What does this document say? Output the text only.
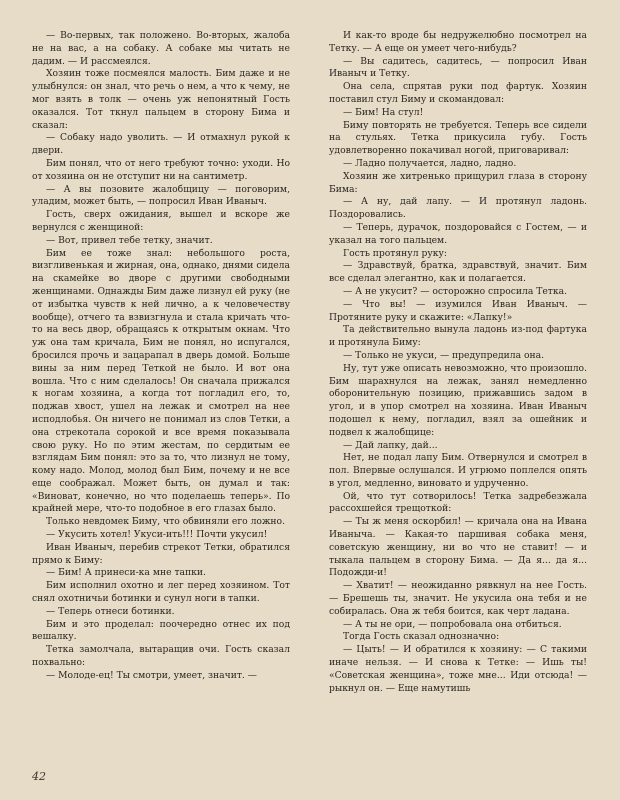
— Во-первых, так положено. Во-вторых, жалоба не на вас, а на собаку. А собаке мы читать не дадим. — И рассмеялся.

Хозяин тоже посмеялся малость. Бим даже и не улыбнулся: он знал, что речь о нем, а что к чему, не мог взять в толк — очень уж непонятный Гость оказался. Тот ткнул пальцем в сторону Бима и сказал:

— Собаку надо уволить. — И отмахнул рукой к двери.

Бим понял, что от него требуют точно: уходи. Но от хозяина он не отступит ни на сантиметр.

— А вы позовите жалобщицу — поговорим, уладим, может быть, — попросил Иван Иваныч.

Гость, сверх ожидания, вышел и вскоре же вернулся с женщиной:

— Вот, привел тебе тетку, значит.

Бим ее тоже знал: небольшого роста, визгливенькая и жирная, она, однако, днями сидела на скамейке во дворе с другими свободными женщинами. Однажды Бим даже лизнул ей руку (не от избытка чувств к ней лично, а к человечеству вообще), отчего та взвизгнула и стала кричать что-то на весь двор, обращаясь к открытым окнам. Что уж она там кричала, Бим не понял, но испугался, бросился прочь и зацарапал в дверь домой. Больше вины за ним перед Теткой не было. И вот она вошла. Что с ним сделалось! Он сначала прижался к ногам хозяина, а когда тот погладил его, то, поджав хвост, ушел на лежак и смотрел на нее исподлобья. Он ничего не понимал из слов Тетки, а она стрекотала сорокой и все время показывала свою руку. Но по этим жестам, по сердитым ее взглядам Бим понял: это за то, что лизнул не тому, кому надо. Молод, молод был Бим, почему и не все еще соображал. Может быть, он думал и так: «Виноват, конечно, но что поделаешь теперь». По крайней мере, что-то подобное в его глазах было.

Только невдомек Биму, что обвиняли его ложно.

— Укусить хотел! Укуси-ить!!! Почти укусил!

Иван Иваныч, перебив стрекот Тетки, обратился прямо к Биму:

— Бим! А принеси-ка мне тапки.

Бим исполнил охотно и лег перед хозяином. Тот снял охотничьи ботинки и сунул ноги в тапки.

— Теперь отнеси ботинки.

Бим и это проделал: поочередно отнес их под вешалку.

Тетка замолчала, вытаращив очи. Гость сказал похвально:

— Молоде-ец! Ты смотри, умеет, значит. —

И как-то вроде бы недружелюбно посмотрел на Тетку. — А еще он умеет чего-нибудь?

— Вы садитесь, садитесь, — попросил Иван Иваныч и Тетку.

Она села, спрятав руки под фартук. Хозяин поставил стул Биму и скомандовал:

— Бим! На стул!

Биму повторять не требуется. Теперь все сидели на стульях. Тетка прикусила губу. Гость удовлетворенно покачивал ногой, приговаривал:

— Ладно получается, ладно, ладно.

Хозяин же хитренько прищурил глаза в сторону Бима:

— А ну, дай лапу. — И протянул ладонь. Поздоровались.

— Теперь, дурачок, поздоровайся с Гостем, — и указал на того пальцем.

Гость протянул руку:

— Здравствуй, братка, здравствуй, значит. Бим все сделал элегантно, как и полагается.

— А не укусит? — осторожно спросила Тетка.

— Что вы! — изумился Иван Иваныч. — Протяните руку и скажите: «Лапку!»

Та действительно вынула ладонь из-под фартука и протянула Биму:

— Только не укуси, — предупредила она.

Ну, тут уже описать невозможно, что произошло. Бим шарахнулся на лежак, занял немедленно оборонительную позицию, прижавшись задом в угол, и в упор смотрел на хозяина. Иван Иваныч подошел к нему, погладил, взял за ошейник и подвел к жалобщице:

— Дай лапку, дай...

Нет, не подал лапу Бим. Отвернулся и смотрел в пол. Впервые ослушался. И угрюмо поплелся опять в угол, медленно, виновато и удрученно.

Ой, что тут сотворилось! Тетка задребезжала рассохшейся трещоткой:

— Ты ж меня оскорбил! — кричала она на Ивана Иваныча. — Какая-то паршивая собака меня, советскую женщину, ни во что не ставит! — и тыкала пальцем в сторону Бима. — Да я... да я... Подожди-и!

— Хватит! — неожиданно рявкнул на нее Гость. — Брешешь ты, значит. Не укусила она тебя и не собиралась. Она ж тебя боится, как черт ладана.

— А ты не ори, — попробовала она отбиться.

Тогда Гость сказал однозначно:

— Цыть! — И обратился к хозяину: — С такими иначе нельзя. — И снова к Тетке: — Ишь ты! «Советская женщина», тоже мне... Иди отсюда! — рыкнул он. — Еще намутишь

42
